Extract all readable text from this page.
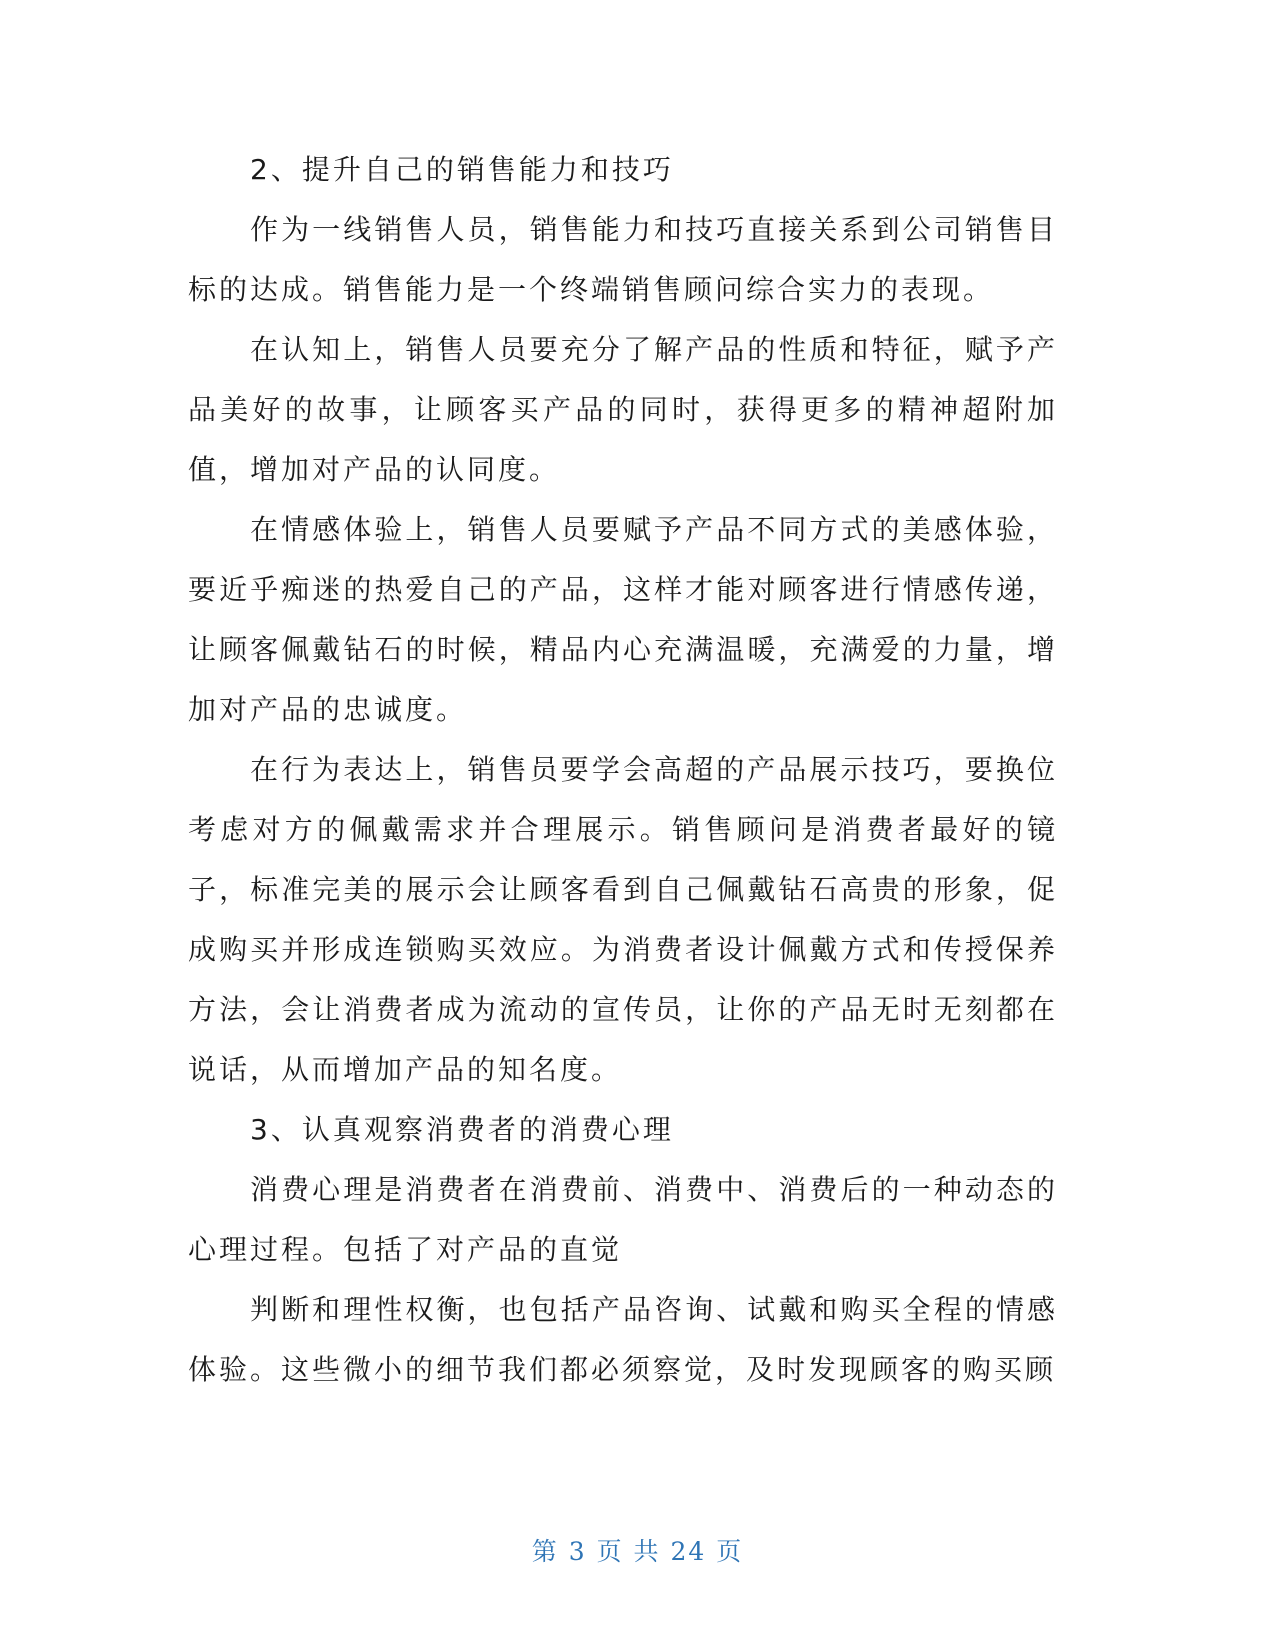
2、提升自己的销售能力和技巧

作为一线销售人员，销售能力和技巧直接关系到公司销售目标的达成。销售能力是一个终端销售顾问综合实力的表现。

在认知上，销售人员要充分了解产品的性质和特征，赋予产品美好的故事，让顾客买产品的同时，获得更多的精神超附加值，增加对产品的认同度。

在情感体验上，销售人员要赋予产品不同方式的美感体验，要近乎痴迷的热爱自己的产品，这样才能对顾客进行情感传递，让顾客佩戴钻石的时候，精品内心充满温暖，充满爱的力量，增加对产品的忠诚度。

在行为表达上，销售员要学会高超的产品展示技巧，要换位考虑对方的佩戴需求并合理展示。销售顾问是消费者最好的镜子，标准完美的展示会让顾客看到自己佩戴钻石高贵的形象，促成购买并形成连锁购买效应。为消费者设计佩戴方式和传授保养方法，会让消费者成为流动的宣传员，让你的产品无时无刻都在说话，从而增加产品的知名度。

3、认真观察消费者的消费心理

消费心理是消费者在消费前、消费中、消费后的一种动态的心理过程。包括了对产品的直觉

判断和理性权衡，也包括产品咨询、试戴和购买全程的情感体验。这些微小的细节我们都必须察觉，及时发现顾客的购买顾

第 3 页 共 24 页
